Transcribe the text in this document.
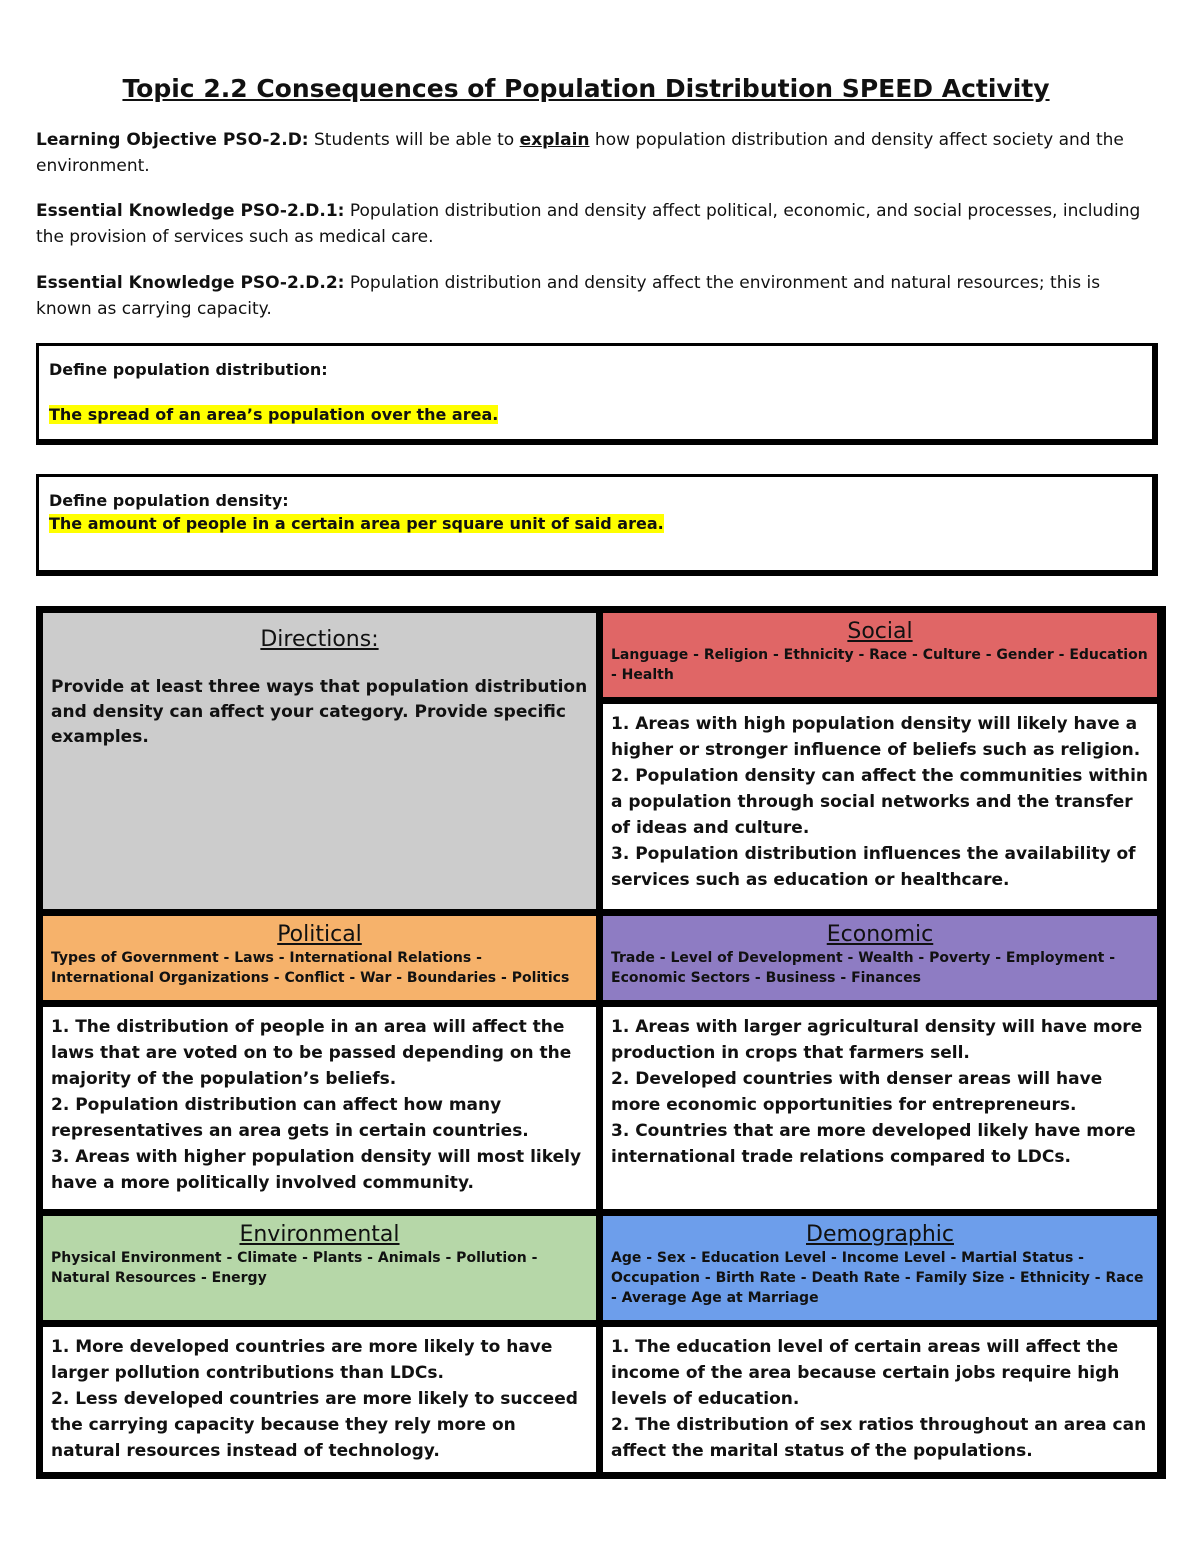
Topic 2.2 Consequences of Population Distribution SPEED Activity
Learning Objective PSO-2.D: Students will be able to explain how population distribution and density affect society and the environment.
Essential Knowledge PSO-2.D.1: Population distribution and density affect political, economic, and social processes, including the provision of services such as medical care.
Essential Knowledge PSO-2.D.2: Population distribution and density affect the environment and natural resources; this is known as carrying capacity.
Define population distribution:
The spread of an area’s population over the area.
Define population density:
The amount of people in a certain area per square unit of said area.
Directions:
Provide at least three ways that population distribution and density can affect your category. Provide specific examples.
Social
Language - Religion - Ethnicity - Race - Culture - Gender - Education - Health
1. Areas with high population density will likely have a higher or stronger influence of beliefs such as religion.
2. Population density can affect the communities within a population through social networks and the transfer of ideas and culture.
3. Population distribution influences the availability of services such as education or healthcare.
Political
Types of Government - Laws - International Relations - International Organizations - Conflict - War - Boundaries - Politics
Economic
Trade - Level of Development - Wealth - Poverty - Employment - Economic Sectors - Business - Finances
1. The distribution of people in an area will affect the laws that are voted on to be passed depending on the majority of the population’s beliefs.
2. Population distribution can affect how many representatives an area gets in certain countries.
3. Areas with higher population density will most likely have a more politically involved community.
1. Areas with larger agricultural density will have more production in crops that farmers sell.
2. Developed countries with denser areas will have more economic opportunities for entrepreneurs.
3. Countries that are more developed likely have more international trade relations compared to LDCs.
Environmental
Physical Environment - Climate - Plants - Animals - Pollution - Natural Resources - Energy
Demographic
Age - Sex - Education Level - Income Level - Martial Status - Occupation - Birth Rate - Death Rate - Family Size - Ethnicity - Race - Average Age at Marriage
1. More developed countries are more likely to have larger pollution contributions than LDCs.
2. Less developed countries are more likely to succeed the carrying capacity because they rely more on natural resources instead of technology.
1. The education level of certain areas will affect the income of the area because certain jobs require high levels of education.
2. The distribution of sex ratios throughout an area can affect the marital status of the populations.
